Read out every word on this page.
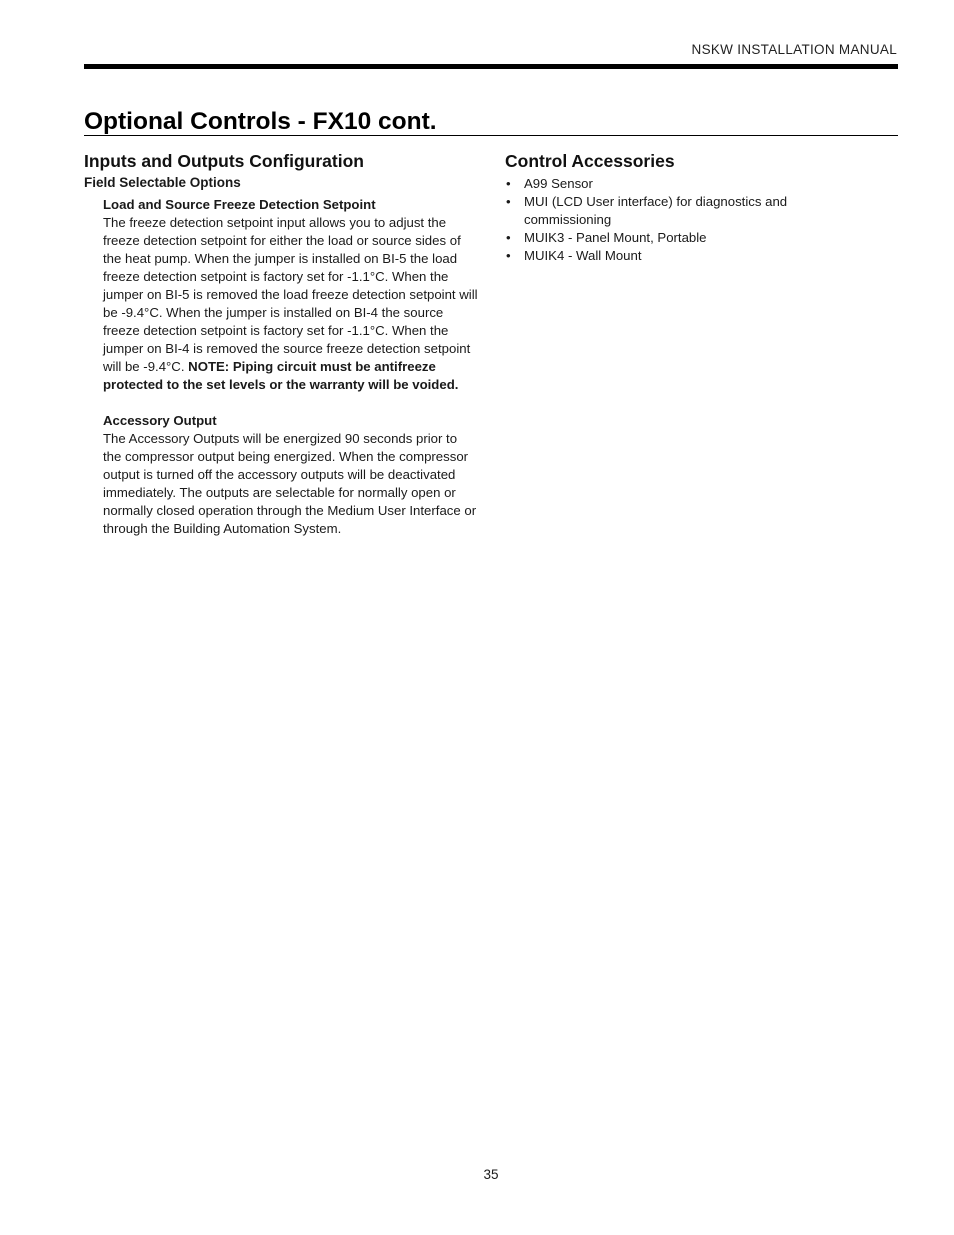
NSKW INSTALLATION MANUAL
Optional Controls - FX10 cont.
Inputs and Outputs Configuration
Field Selectable Options
Load and Source Freeze Detection Setpoint

The freeze detection setpoint input allows you to adjust the freeze detection setpoint for either the load or source sides of the heat pump. When the jumper is installed on BI-5 the load freeze detection setpoint is factory set for -1.1°C. When the jumper on BI-5 is removed the load freeze detection setpoint will be -9.4°C. When the jumper is installed on BI-4 the source freeze detection setpoint is factory set for -1.1°C. When the jumper on BI-4 is removed the source freeze detection setpoint will be -9.4°C. NOTE: Piping circuit must be antifreeze protected to the set levels or the warranty will be voided.

Accessory Output

The Accessory Outputs will be energized 90 seconds prior to the compressor output being energized. When the compressor output is turned off the accessory outputs will be deactivated immediately. The outputs are selectable for normally open or normally closed operation through the Medium User Interface or through the Building Automation System.

Control Accessories
• A99 Sensor
• MUI (LCD User interface) for diagnostics and commissioning
• MUIK3 - Panel Mount, Portable
• MUIK4 - Wall Mount
35
